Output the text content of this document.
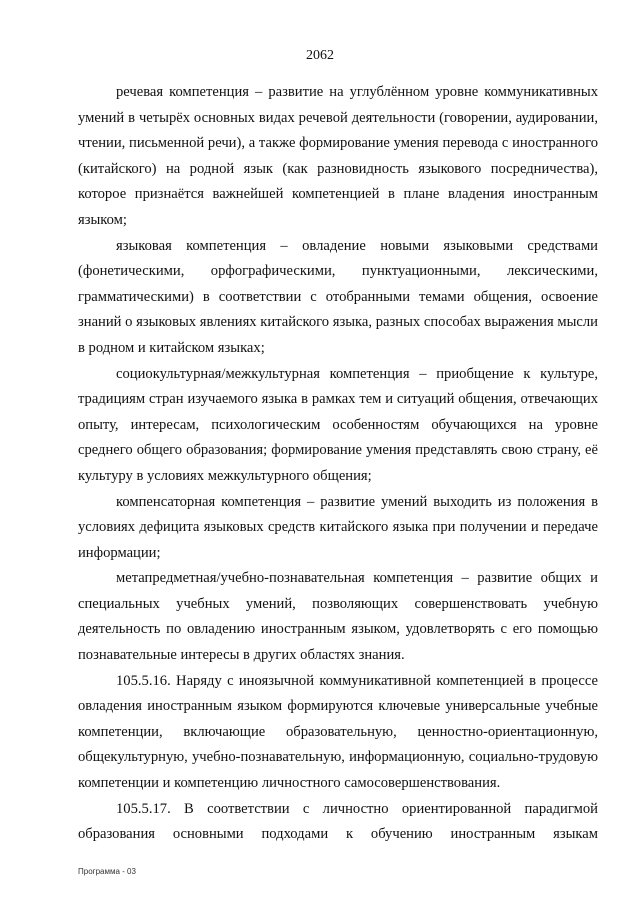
2062

речевая компетенция – развитие на углублённом уровне коммуникативных умений в четырёх основных видах речевой деятельности (говорении, аудировании, чтении, письменной речи), а также формирование умения перевода с иностранного (китайского) на родной язык (как разновидность языкового посредничества), которое признаётся важнейшей компетенцией в плане владения иностранным языком;

языковая компетенция – овладение новыми языковыми средствами (фонетическими, орфографическими, пунктуационными, лексическими, грамматическими) в соответствии с отобранными темами общения, освоение знаний о языковых явлениях китайского языка, разных способах выражения мысли в родном и китайском языках;

социокультурная/межкультурная компетенция – приобщение к культуре, традициям стран изучаемого языка в рамках тем и ситуаций общения, отвечающих опыту, интересам, психологическим особенностям обучающихся на уровне среднего общего образования; формирование умения представлять свою страну, её культуру в условиях межкультурного общения;

компенсаторная компетенция – развитие умений выходить из положения в условиях дефицита языковых средств китайского языка при получении и передаче информации;

метапредметная/учебно-познавательная компетенция – развитие общих и специальных учебных умений, позволяющих совершенствовать учебную деятельность по овладению иностранным языком, удовлетворять с его помощью познавательные интересы в других областях знания.

105.5.16. Наряду с иноязычной коммуникативной компетенцией в процессе овладения иностранным языком формируются ключевые универсальные учебные компетенции, включающие образовательную, ценностно-ориентационную, общекультурную, учебно-познавательную, информационную, социально-трудовую компетенции и компетенцию личностного самосовершенствования.

105.5.17. В соответствии с личностно ориентированной парадигмой образования основными подходами к обучению иностранным языкам

Программа - 03
